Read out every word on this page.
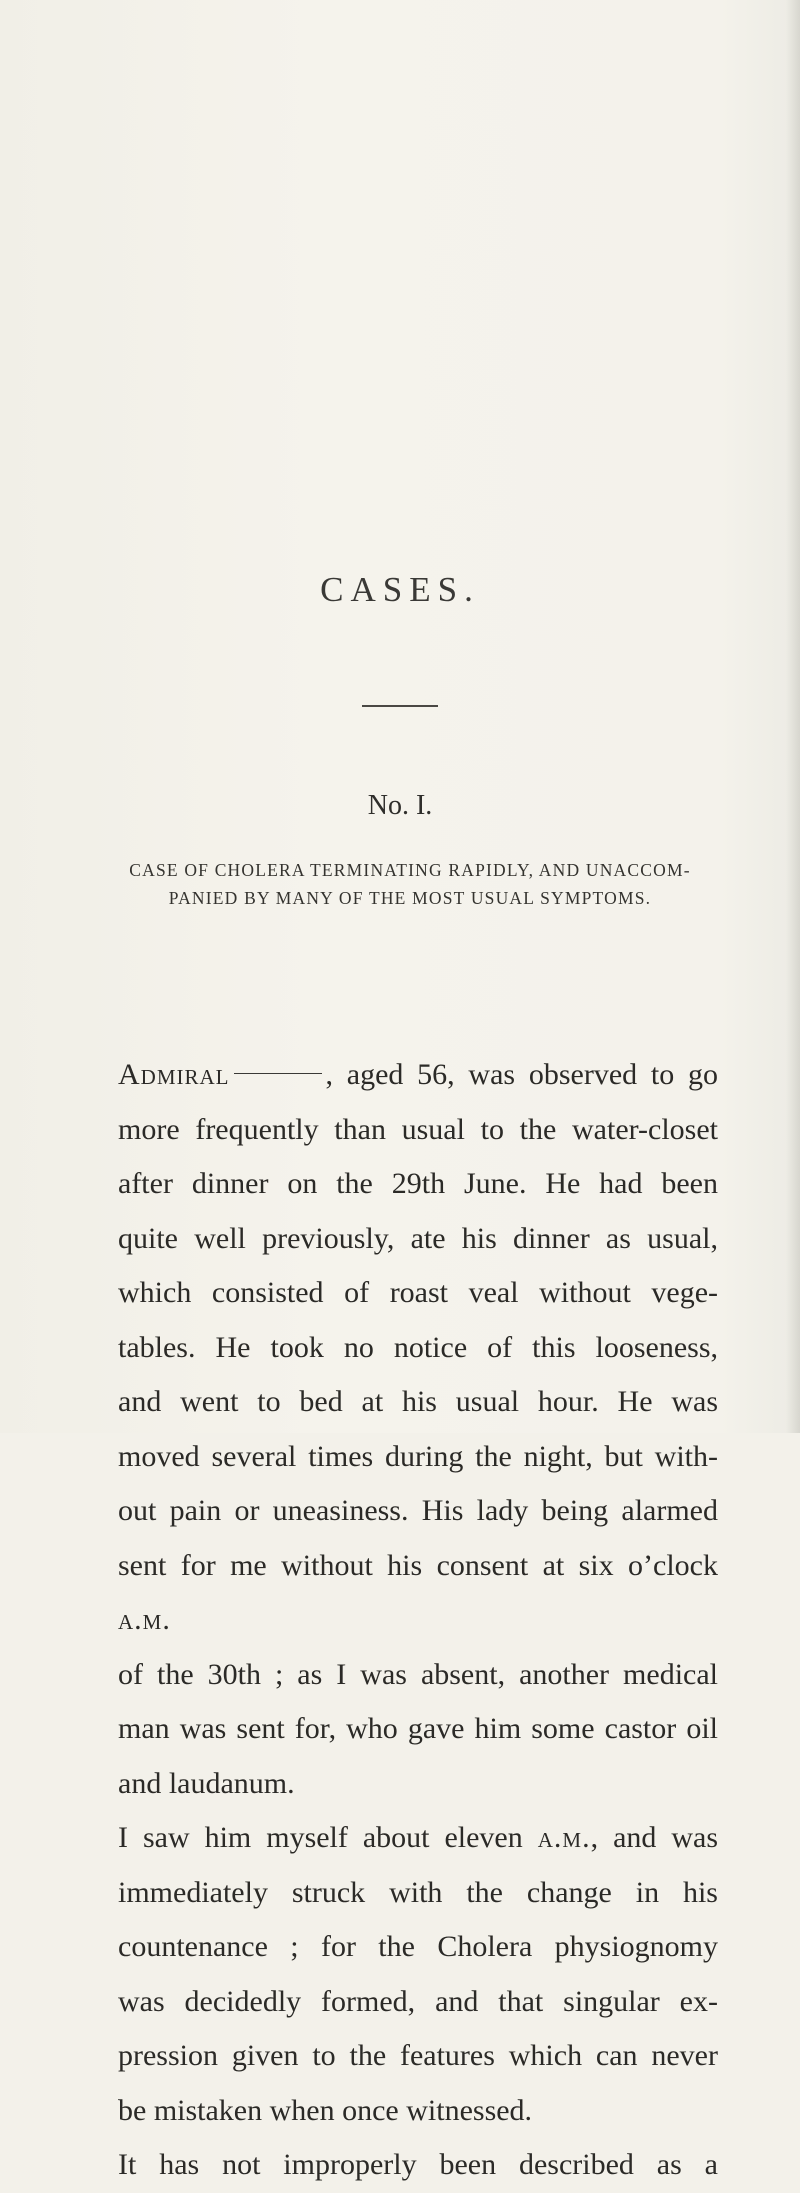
CASES.
No. I.
CASE OF CHOLERA TERMINATING RAPIDLY, AND UNACCOM-
PANIED BY MANY OF THE MOST USUAL SYMPTOMS.
Admiral	, aged 56, was observed to go
more frequently than usual to the water-closet
after dinner on the 29th June. He had been
quite well previously, ate his dinner as usual,
which consisted of roast veal without vege-
tables. He took no notice of this looseness,
and went to bed at his usual hour. He was
moved several times during the night, but with-
out pain or uneasiness. His lady being alarmed
sent for me without his consent at six o’clock a.m.
of the 30th ; as I was absent, another medical
man was sent for, who gave him some castor oil
and laudanum.
I saw him myself about eleven a.m., and was
immediately struck with the change in his
countenance ; for the Cholera physiognomy
was decidedly formed, and that singular ex-
pression given to the features which can never
be mistaken when once witnessed.
It has not improperly been described as a
